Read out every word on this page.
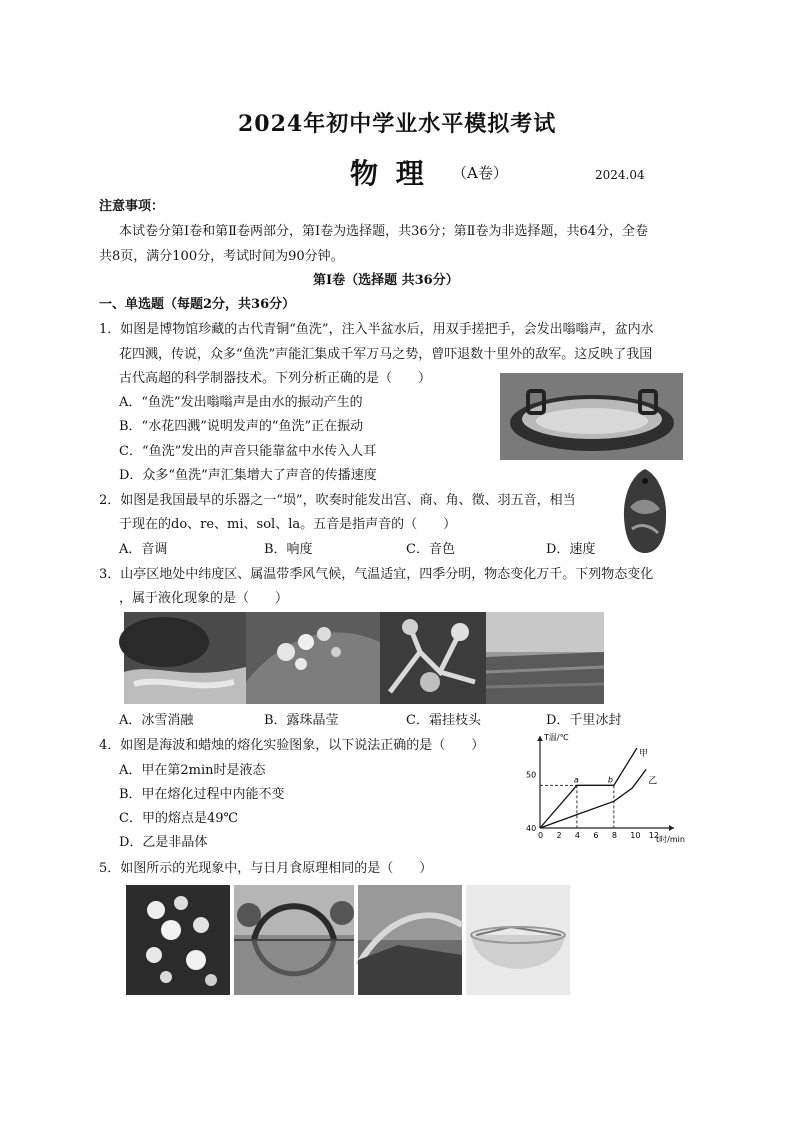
2024年初中学业水平模拟考试
物 理 （A卷）	2024.04
注意事项：
本试卷分第Ⅰ卷和第Ⅱ卷两部分，第Ⅰ卷为选择题，共36分；第Ⅱ卷为非选择题，共64分，全卷
共8页，满分100分，考试时间为90分钟。
第Ⅰ卷（选择题 共36分）
一、单选题（每题2分，共36分）
1．如图是博物馆珍藏的古代青铜“鱼洗”，注入半盆水后，用双手搓把手，会发出嗡嗡声，盆内水
花四溅，传说，众多“鱼洗”声能汇集成千军万马之势，曾吓退数十里外的敌军。这反映了我国
古代高超的科学制器技术。下列分析正确的是（　　）
A．“鱼洗”发出嗡嗡声是由水的振动产生的
B．“水花四溅”说明发声的“鱼洗”正在振动
C．“鱼洗”发出的声音只能靠盆中水传入人耳
D．众多“鱼洗”声汇集增大了声音的传播速度
2．如图是我国最早的乐器之一“埙”，吹奏时能发出宫、商、角、徵、羽五音，相当
于现在的do、re、mi、sol、la。五音是指声音的（　　）
A．音调	B．响度	C．音色	D．速度
3．山亭区地处中纬度区、属温带季风气候，气温适宜，四季分明，物态变化万千。下列物态变化
，属于液化现象的是（　　）
A．冰雪消融	B．露珠晶莹	C．霜挂枝头	D．千里冰封
4．如图是海波和蜡烛的熔化实验图象，以下说法正确的是（　　）
A．甲在第2min时是液态
B．甲在熔化过程中内能不变
C．甲的熔点是49℃
D．乙是非晶体
T温/℃
t时/min
0 2 4 6 8 10 12
40
50
甲
乙
a	b
5．如图所示的光现象中，与日月食原理相同的是（　　）
